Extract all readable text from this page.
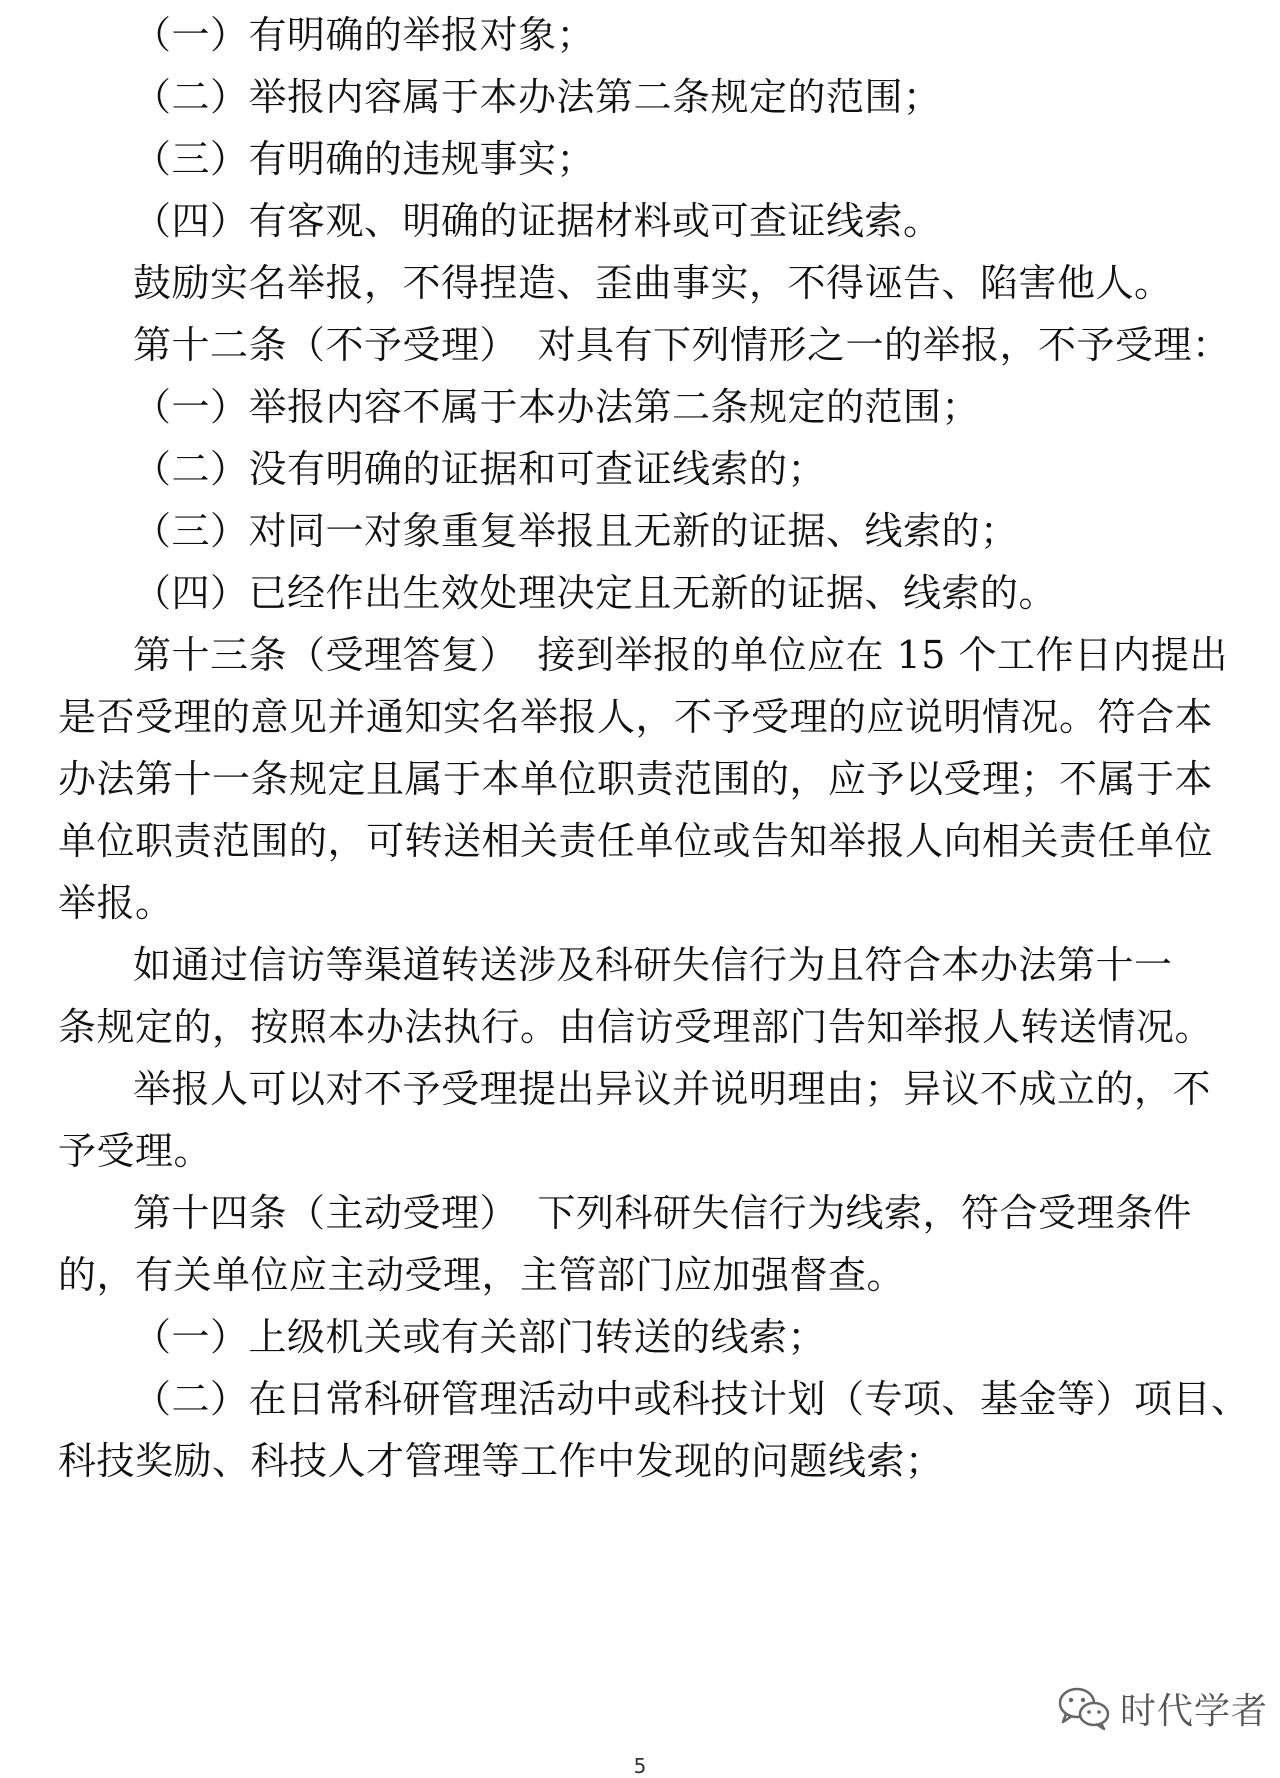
（一）有明确的举报对象；
（二）举报内容属于本办法第二条规定的范围；
（三）有明确的违规事实；
（四）有客观、明确的证据材料或可查证线索。
鼓励实名举报，不得捏造、歪曲事实，不得诬告、陷害他人。
第十二条（不予受理）　对具有下列情形之一的举报，不予受理：
（一）举报内容不属于本办法第二条规定的范围；
（二）没有明确的证据和可查证线索的；
（三）对同一对象重复举报且无新的证据、线索的；
（四）已经作出生效处理决定且无新的证据、线索的。
第十三条（受理答复）　接到举报的单位应在 15 个工作日内提出
是否受理的意见并通知实名举报人，不予受理的应说明情况。符合本
办法第十一条规定且属于本单位职责范围的，应予以受理；不属于本
单位职责范围的，可转送相关责任单位或告知举报人向相关责任单位
举报。
如通过信访等渠道转送涉及科研失信行为且符合本办法第十一
条规定的，按照本办法执行。由信访受理部门告知举报人转送情况。
举报人可以对不予受理提出异议并说明理由；异议不成立的，不
予受理。
第十四条（主动受理）　下列科研失信行为线索，符合受理条件
的，有关单位应主动受理，主管部门应加强督查。
（一）上级机关或有关部门转送的线索；
（二）在日常科研管理活动中或科技计划（专项、基金等）项目、
科技奖励、科技人才管理等工作中发现的问题线索；
时代学者
5
